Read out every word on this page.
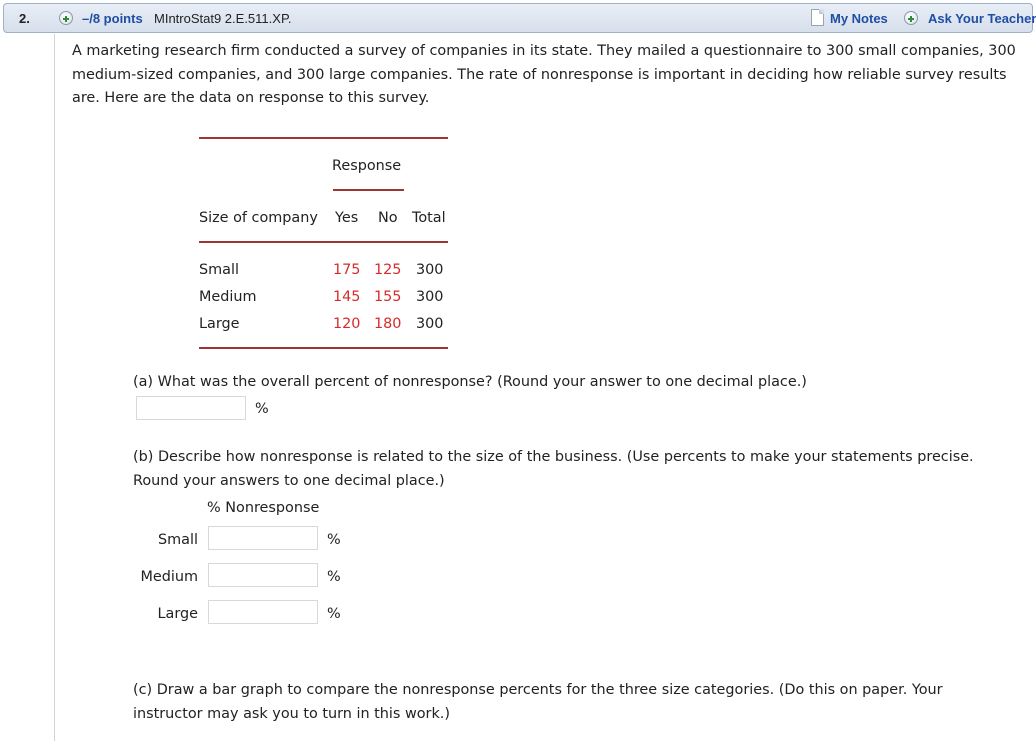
2.	–/8 points MIntroStat9 2.E.511.XP.	My Notes	Ask Your Teacher

A marketing research firm conducted a survey of companies in its state. They mailed a questionnaire to 300 small companies, 300 medium-sized companies, and 300 large companies. The rate of nonresponse is important in deciding how reliable survey results are. Here are the data on response to this survey.

Response
Size of company Yes No Total
Small	175 125 300
Medium	145 155 300
Large	120 180 300
(a) What was the overall percent of nonresponse? (Round your answer to one decimal place.)
%
(b) Describe how nonresponse is related to the size of the business. (Use percents to make your statements precise.
Round your answers to one decimal place.)
% Nonresponse
Small	%
Medium	%
Large	%
(c) Draw a bar graph to compare the nonresponse percents for the three size categories. (Do this on paper. Your
instructor may ask you to turn in this work.)
